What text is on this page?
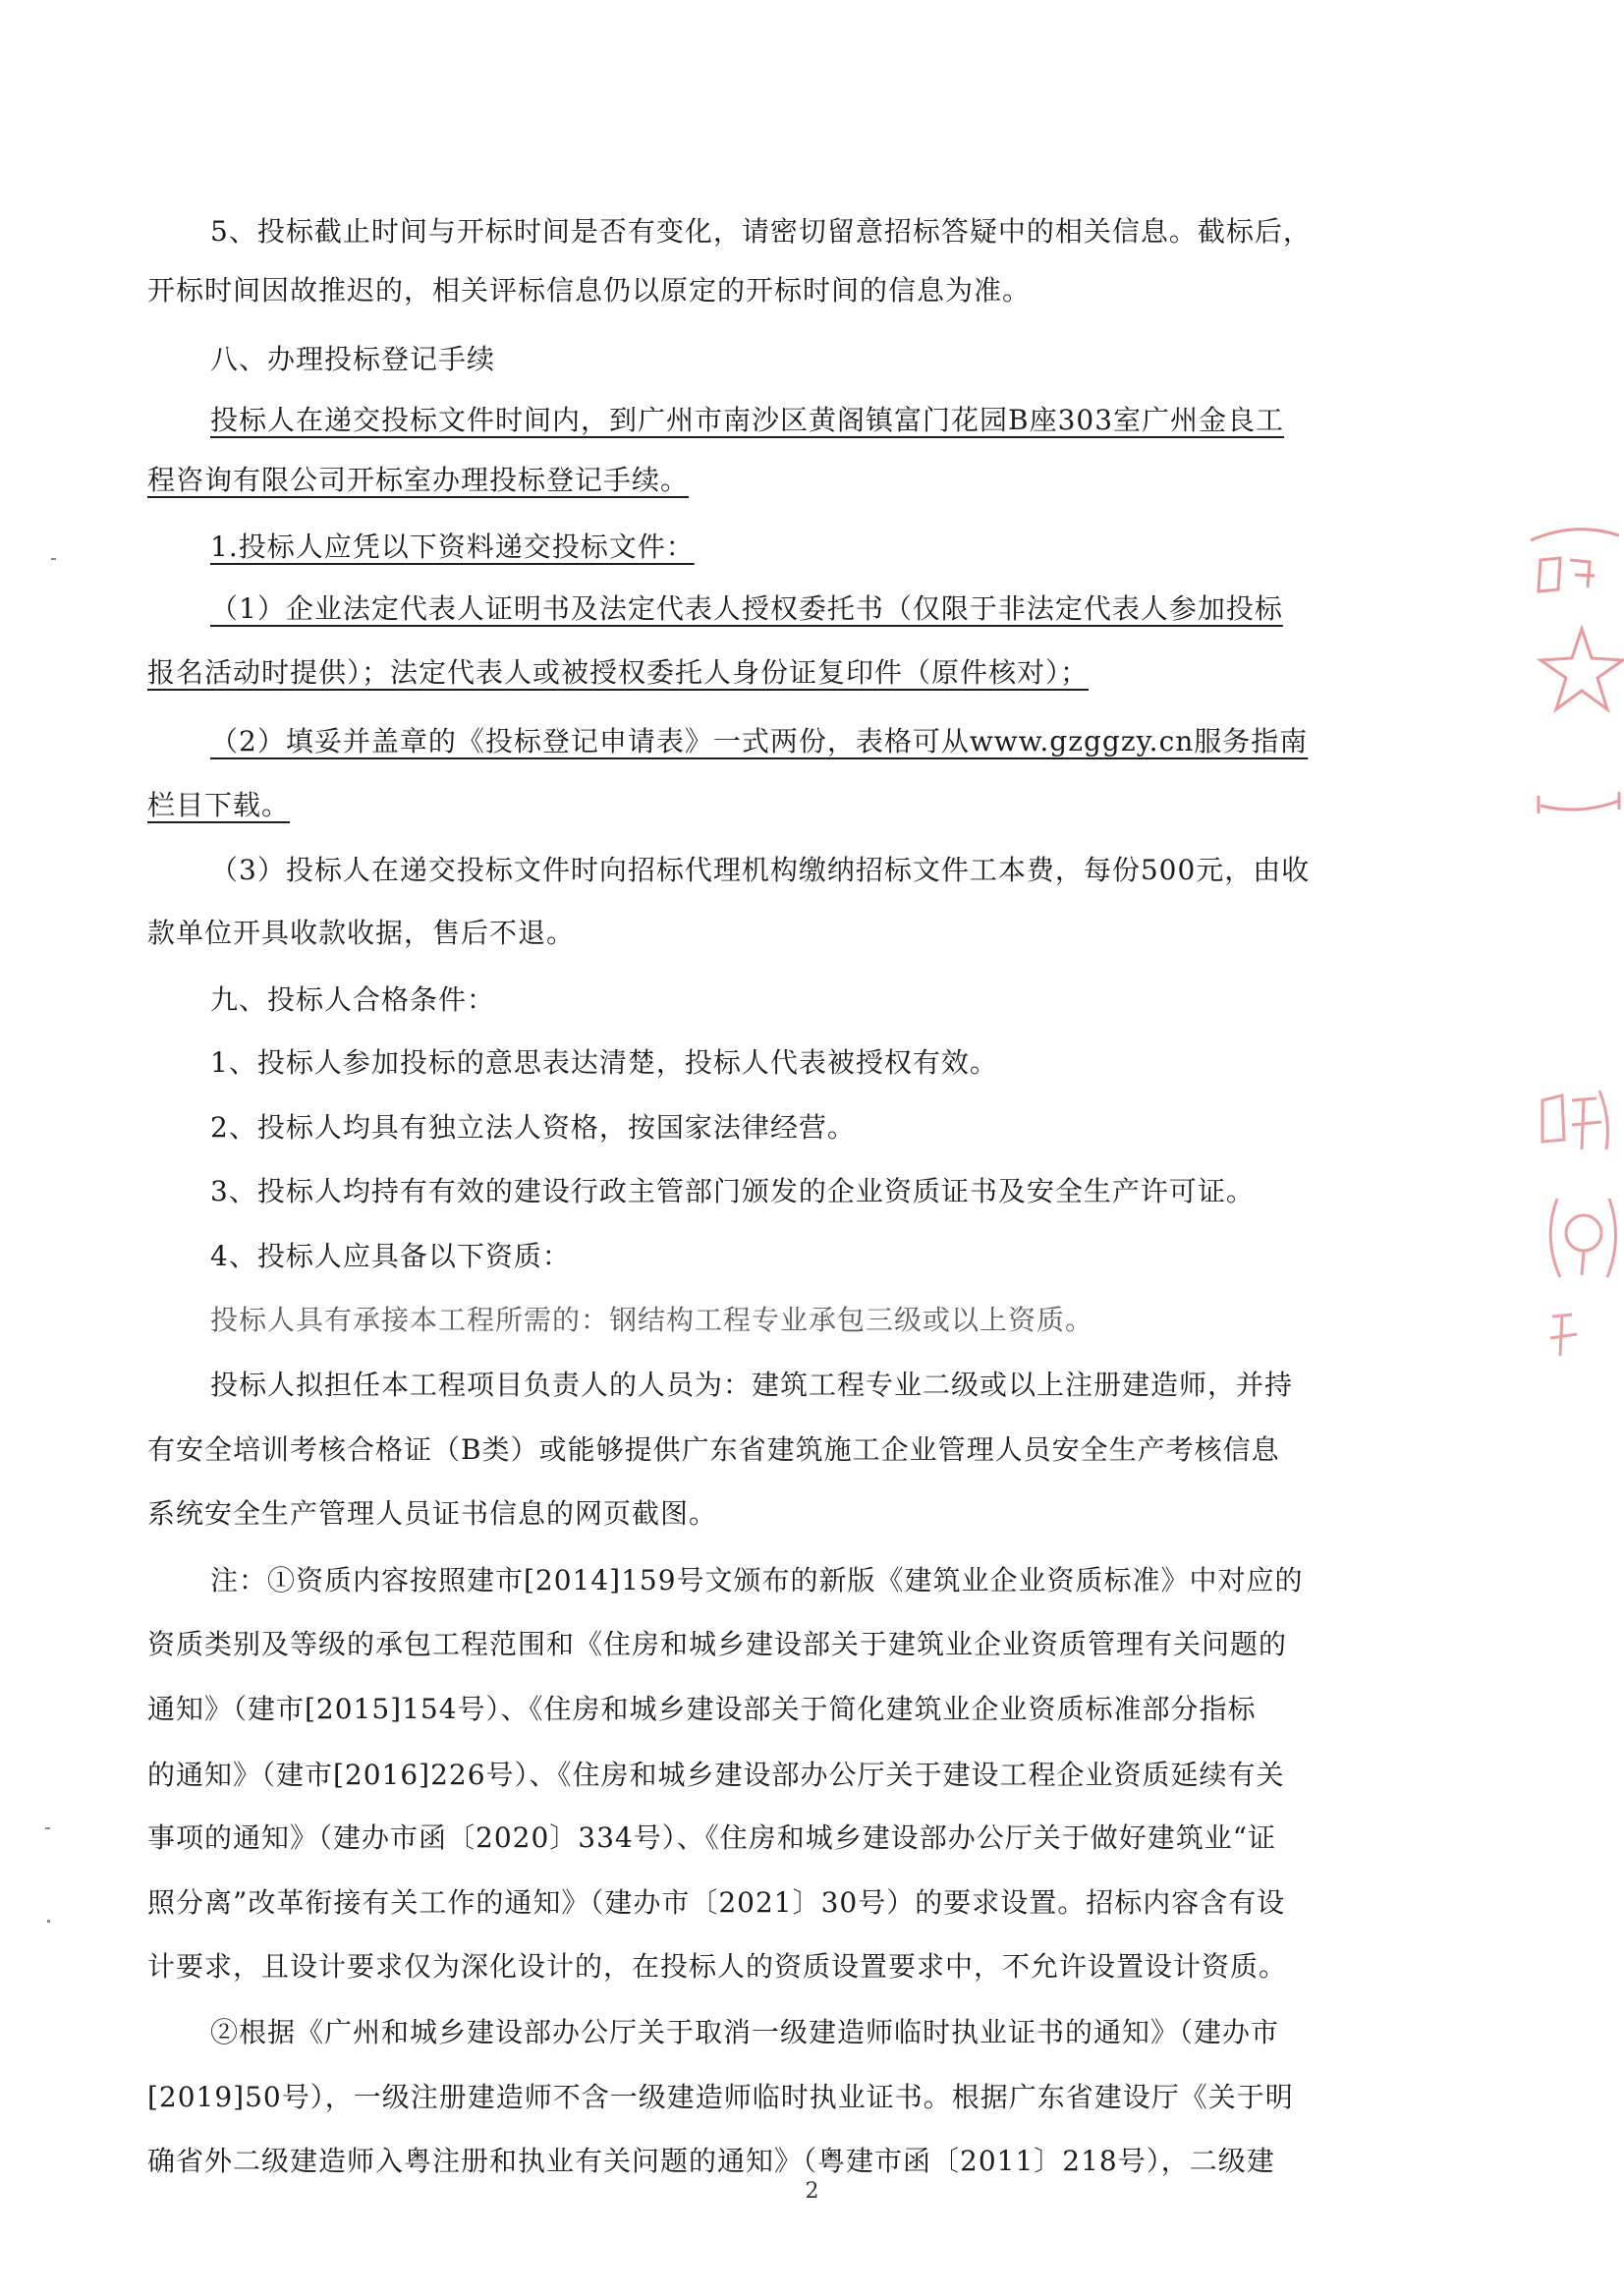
5、投标截止时间与开标时间是否有变化，请密切留意招标答疑中的相关信息。截标后，
开标时间因故推迟的，相关评标信息仍以原定的开标时间的信息为准。
八、办理投标登记手续
投标人在递交投标文件时间内，到广州市南沙区黄阁镇富门花园B座303室广州金良工
程咨询有限公司开标室办理投标登记手续。
1.投标人应凭以下资料递交投标文件：
（1）企业法定代表人证明书及法定代表人授权委托书（仅限于非法定代表人参加投标
报名活动时提供）；法定代表人或被授权委托人身份证复印件（原件核对）；
（2）填妥并盖章的《投标登记申请表》一式两份，表格可从www.gzggzy.cn服务指南
栏目下载。
（3）投标人在递交投标文件时向招标代理机构缴纳招标文件工本费，每份500元，由收
款单位开具收款收据，售后不退。
九、投标人合格条件：
1、投标人参加投标的意思表达清楚，投标人代表被授权有效。
2、投标人均具有独立法人资格，按国家法律经营。
3、投标人均持有有效的建设行政主管部门颁发的企业资质证书及安全生产许可证。
4、投标人应具备以下资质：
投标人具有承接本工程所需的：钢结构工程专业承包三级或以上资质。
投标人拟担任本工程项目负责人的人员为：建筑工程专业二级或以上注册建造师，并持
有安全培训考核合格证（B类）或能够提供广东省建筑施工企业管理人员安全生产考核信息
系统安全生产管理人员证书信息的网页截图。
注：①资质内容按照建市[2014]159号文颁布的新版《建筑业企业资质标准》中对应的
资质类别及等级的承包工程范围和《住房和城乡建设部关于建筑业企业资质管理有关问题的
通知》（建市[2015]154号）、《住房和城乡建设部关于简化建筑业企业资质标准部分指标
的通知》（建市[2016]226号）、《住房和城乡建设部办公厅关于建设工程企业资质延续有关
事项的通知》（建办市函〔2020〕334号）、《住房和城乡建设部办公厅关于做好建筑业“证
照分离”改革衔接有关工作的通知》（建办市〔2021〕30号）的要求设置。招标内容含有设
计要求，且设计要求仅为深化设计的，在投标人的资质设置要求中，不允许设置设计资质。
②根据《广州和城乡建设部办公厅关于取消一级建造师临时执业证书的通知》（建办市
[2019]50号），一级注册建造师不含一级建造师临时执业证书。根据广东省建设厅《关于明
确省外二级建造师入粤注册和执业有关问题的通知》（粤建市函〔2011〕218号），二级建
2
